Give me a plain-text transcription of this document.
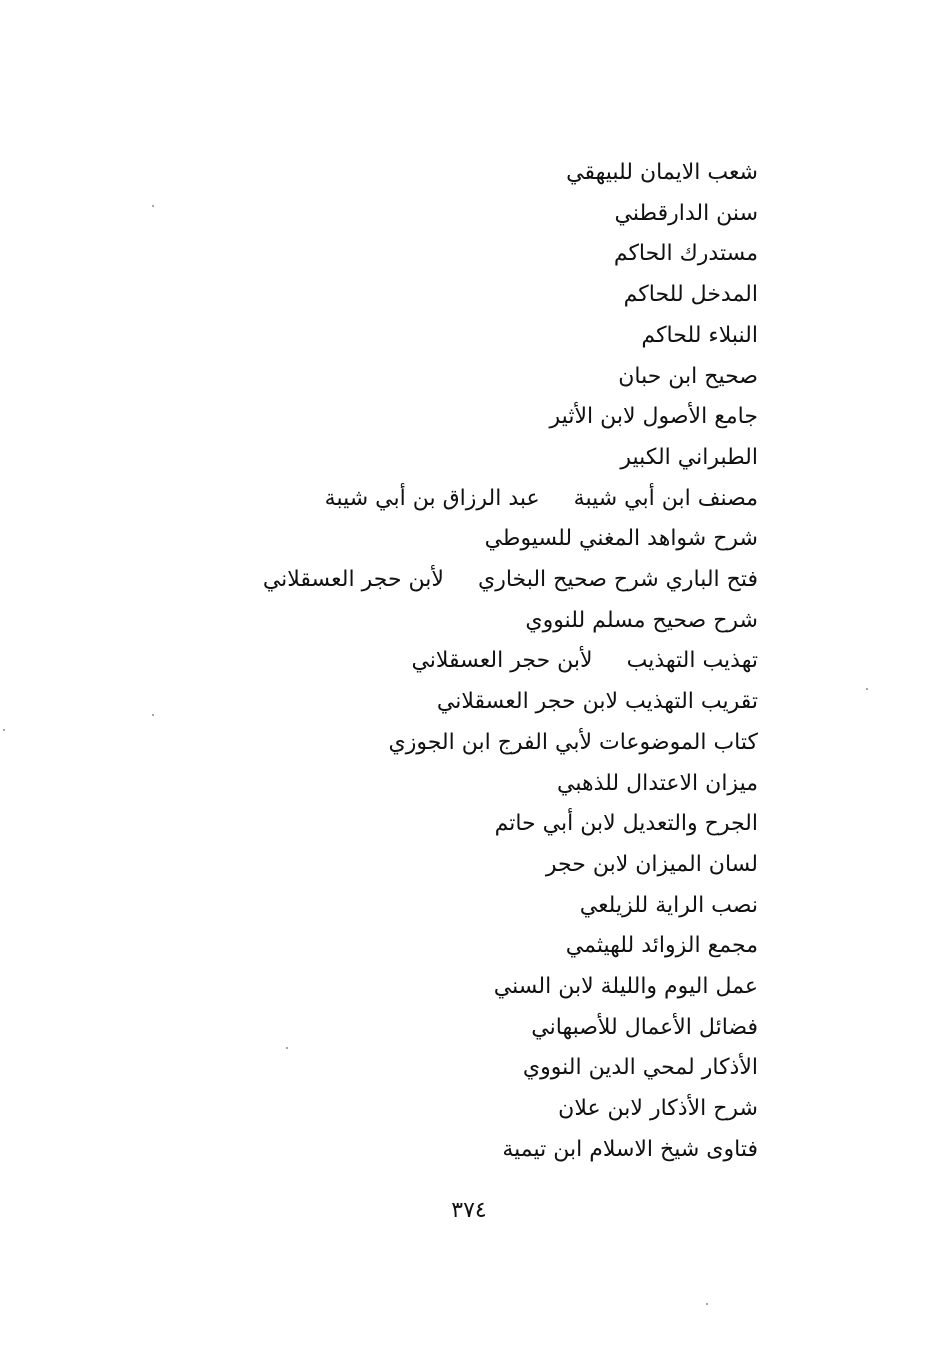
شعب الايمان للبيهقي
سنن الدارقطني
مستدرك الحاكم
المدخل للحاكم
النبلاء للحاكم
صحيح ابن حبان
جامع الأصول لابن الأثير
الطبراني الكبير
مصنف ابن أبي شيبةعبد الرزاق بن أبي شيبة
شرح شواهد المغني للسيوطي
فتح الباري شرح صحيح البخاريلأبن حجر العسقلاني
شرح صحيح مسلم للنووي
تهذيب التهذيبلأبن حجر العسقلاني
تقريب التهذيب لابن حجر العسقلاني
كتاب الموضوعات لأبي الفرج ابن الجوزي
ميزان الاعتدال للذهبي
الجرح والتعديل لابن أبي حاتم
لسان الميزان لابن حجر
نصب الراية للزيلعي
مجمع الزوائد للهيثمي
عمل اليوم والليلة لابن السني
فضائل الأعمال للأصبهاني
الأذكار لمحي الدين النووي
شرح الأذكار لابن علان
فتاوى شيخ الاسلام ابن تيمية
٣٧٤
